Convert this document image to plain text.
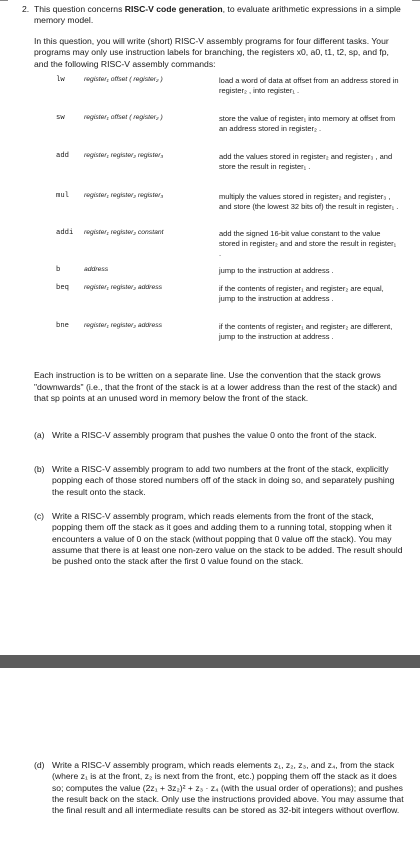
2. This question concerns RISC-V code generation, to evaluate arithmetic expressions in a simple memory model.
In this question, you will write (short) RISC-V assembly programs for four different tasks. Your programs may only use instruction labels for branching, the registers x0, a0, t1, t2, sp, and fp, and the following RISC-V assembly commands:
lw	register₁ offset ( register₂ )	load a word of data at offset from an address stored in register₂ , into register₁ .
sw	register₁ offset ( register₂ )	store the value of register₁ into memory at offset from an address stored in register₂ .
add register₁ register₂ register₃	add the values stored in register₂ and register₃ , and store the result in register₁ .
mul register₁ register₂ register₃	multiply the values stored in register₂ and register₃ , and store (the lowest 32 bits of) the result in register₁ .
addi register₁ register₂ constant	add the signed 16-bit value constant to the value stored in register₂ and and store the result in register₁ .
b	address	jump to the instruction at address .
beq register₁ register₂ address	if the contents of register₁ and register₂ are equal, jump to the instruction at address .
bne register₁ register₂ address	if the contents of register₁ and register₂ are different, jump to the instruction at address .
Each instruction is to be written on a separate line. Use the convention that the stack grows "downwards" (i.e., that the front of the stack is at a lower address than the rest of the stack) and that sp points at an unused word in memory below the front of the stack.
(a) Write a RISC-V assembly program that pushes the value 0 onto the front of the stack.
(b) Write a RISC-V assembly program to add two numbers at the front of the stack, explicitly popping each of those stored numbers off of the stack in doing so, and separately pushing the result onto the stack.
(c) Write a RISC-V assembly program, which reads elements from the front of the stack, popping them off the stack as it goes and adding them to a running total, stopping when it encounters a value of 0 on the stack (without popping that 0 value off the stack). You may assume that there is at least one non-zero value on the stack to be added. The result should be pushed onto the stack after the first 0 value found on the stack.
(d) Write a RISC-V assembly program, which reads elements z₁, z₂, z₃, and z₄, from the stack (where z₁ is at the front, z₂ is next from the front, etc.) popping them off the stack as it does so; computes the value (2z₁ + 3z₂)² + z₃ · z₄ (with the usual order of operations); and pushes the result back on the stack. Only use the instructions provided above. You may assume that the final result and all intermediate results can be stored as 32-bit integers without overflow.
